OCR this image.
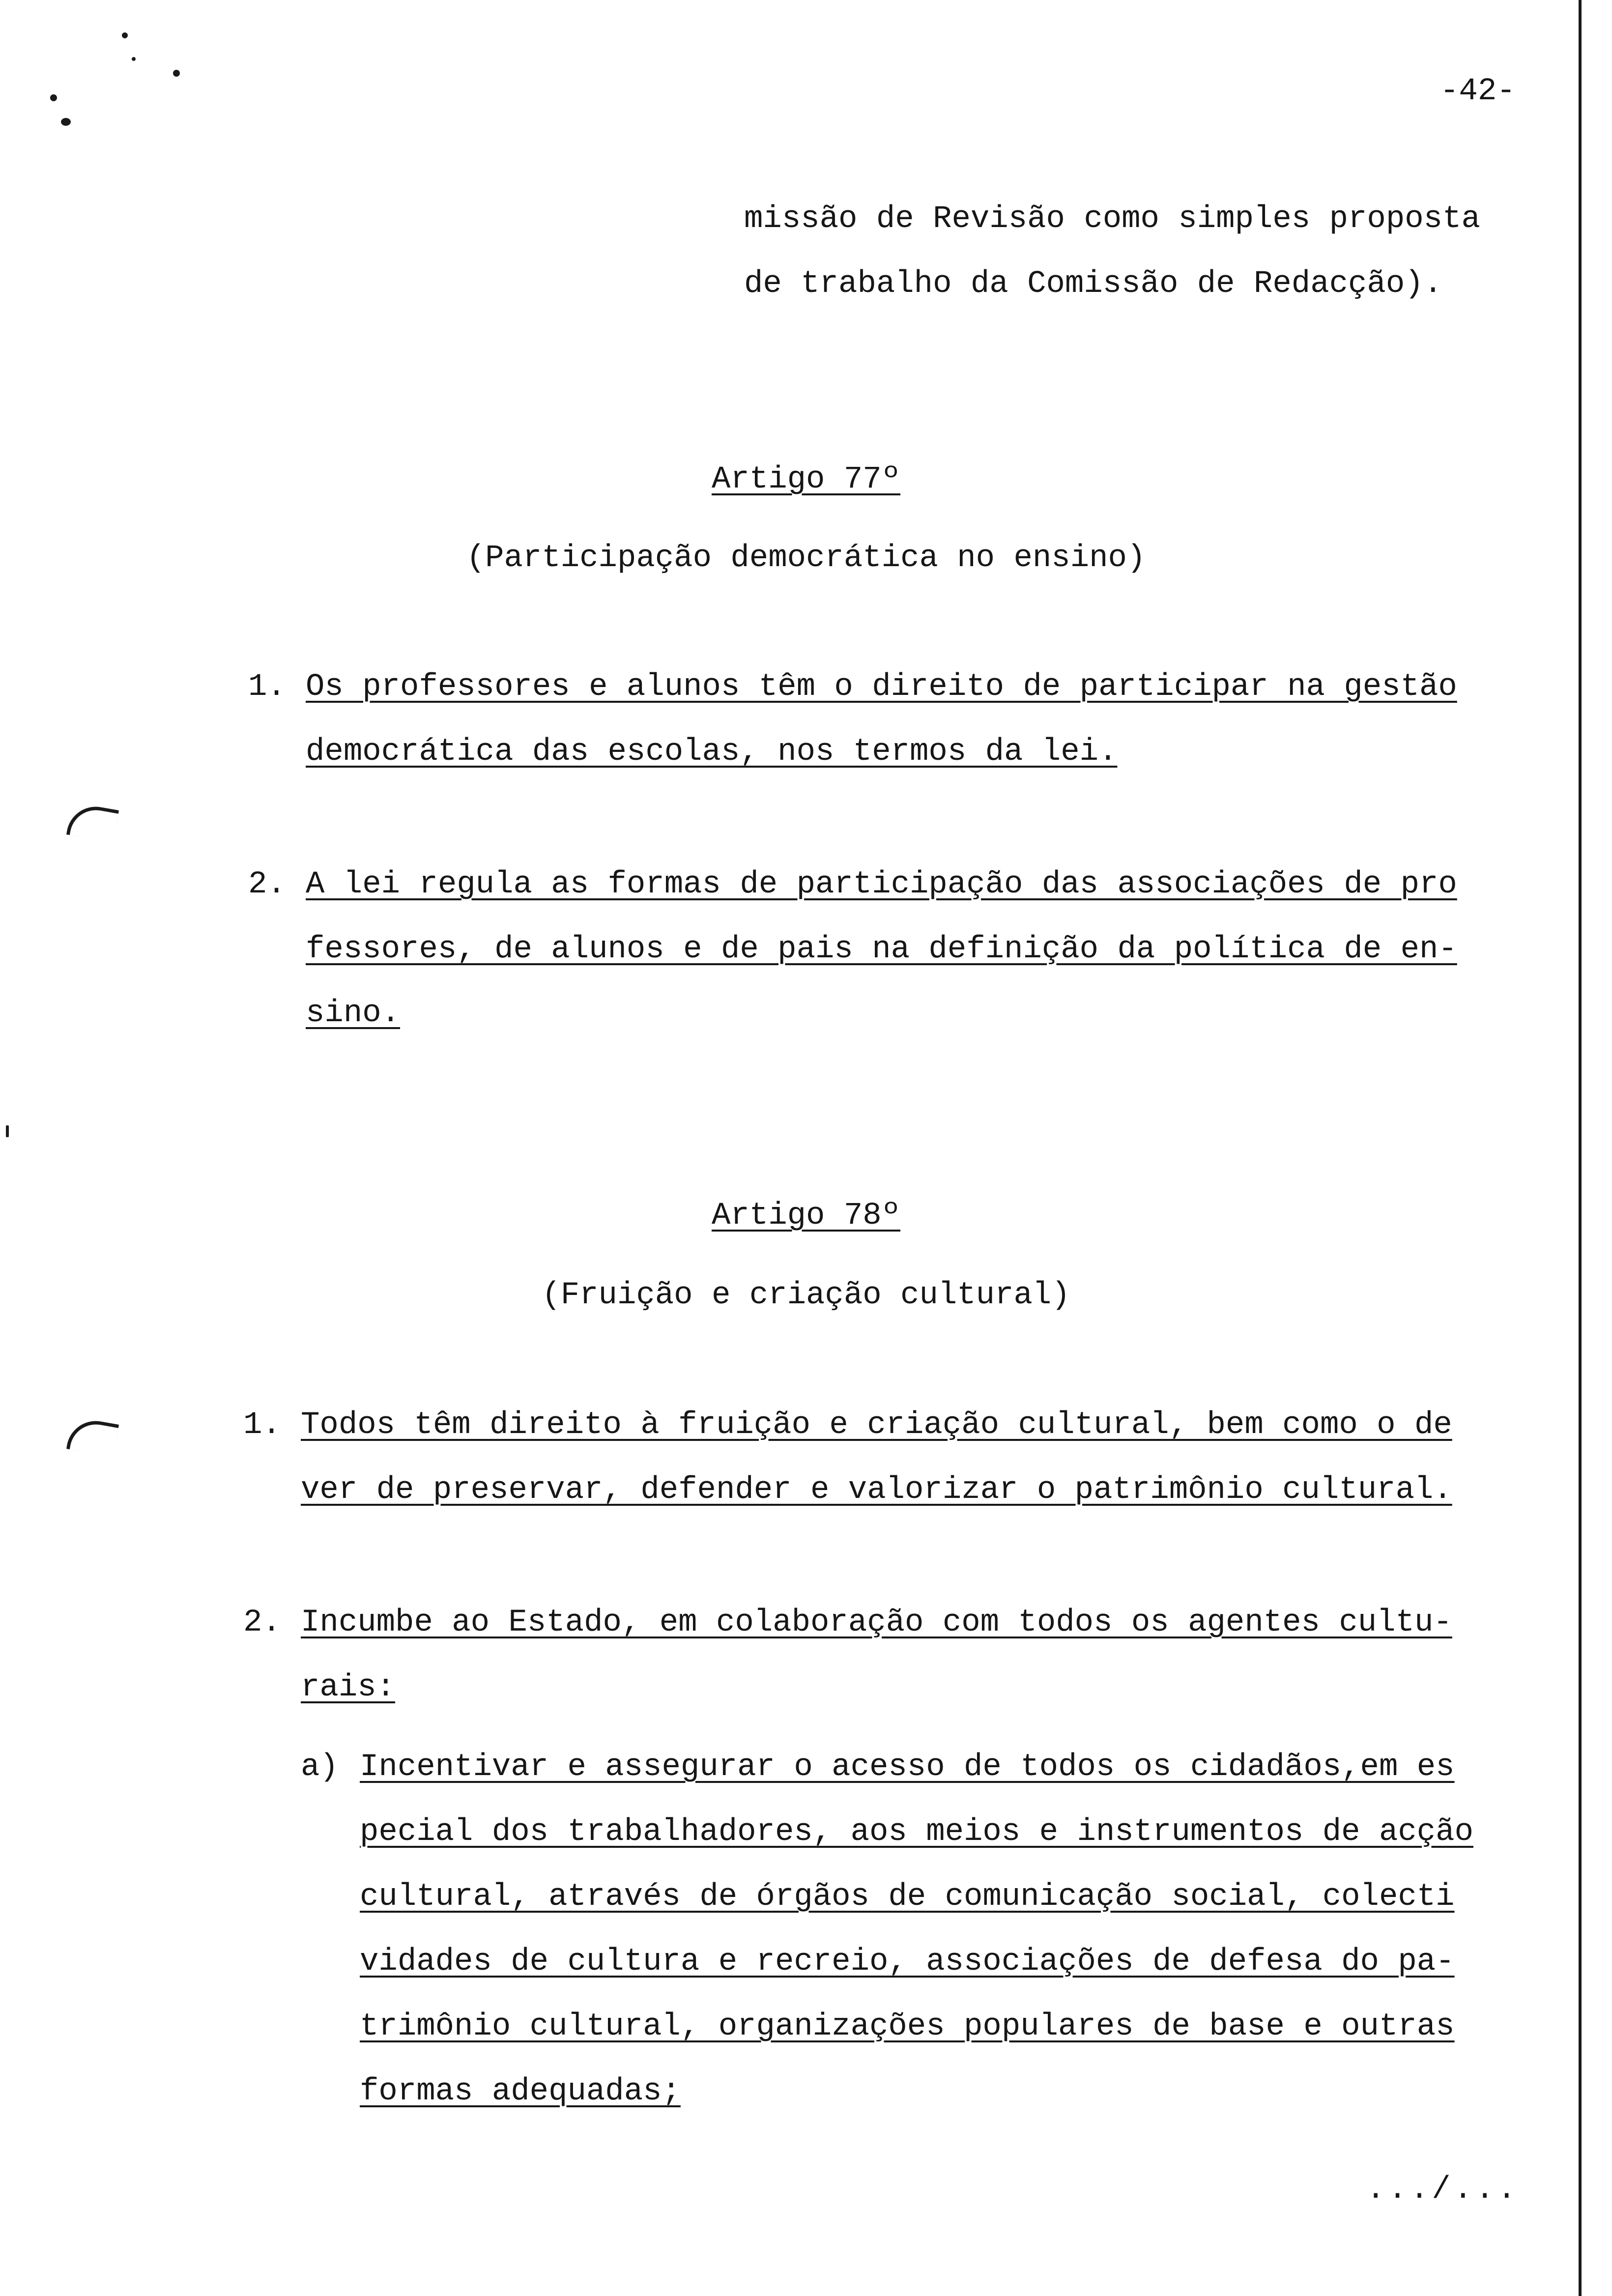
-42-
missão de Revisão como simples proposta
de trabalho da Comissão de Redacção).
Artigo 77º
(Participação democrática no ensino)
1. Os professores e alunos têm o direito de participar na gestão
democrática das escolas, nos termos da lei.
2. A lei regula as formas de participação das associações de pro
fessores, de alunos e de pais na definição da política de en-
sino.
Artigo 78º
(Fruição e criação cultural)
1. Todos têm direito à fruição e criação cultural, bem como o de
ver de preservar, defender e valorizar o patrimônio cultural.
2. Incumbe ao Estado, em colaboração com todos os agentes cultu-
rais:
a) Incentivar e assegurar o acesso de todos os cidadãos,em es
pecial dos trabalhadores, aos meios e instrumentos de acção
cultural, através de órgãos de comunicação social, colecti
vidades de cultura e recreio, associações de defesa do pa-
trimônio cultural, organizações populares de base e outras
formas adequadas;
.../...
